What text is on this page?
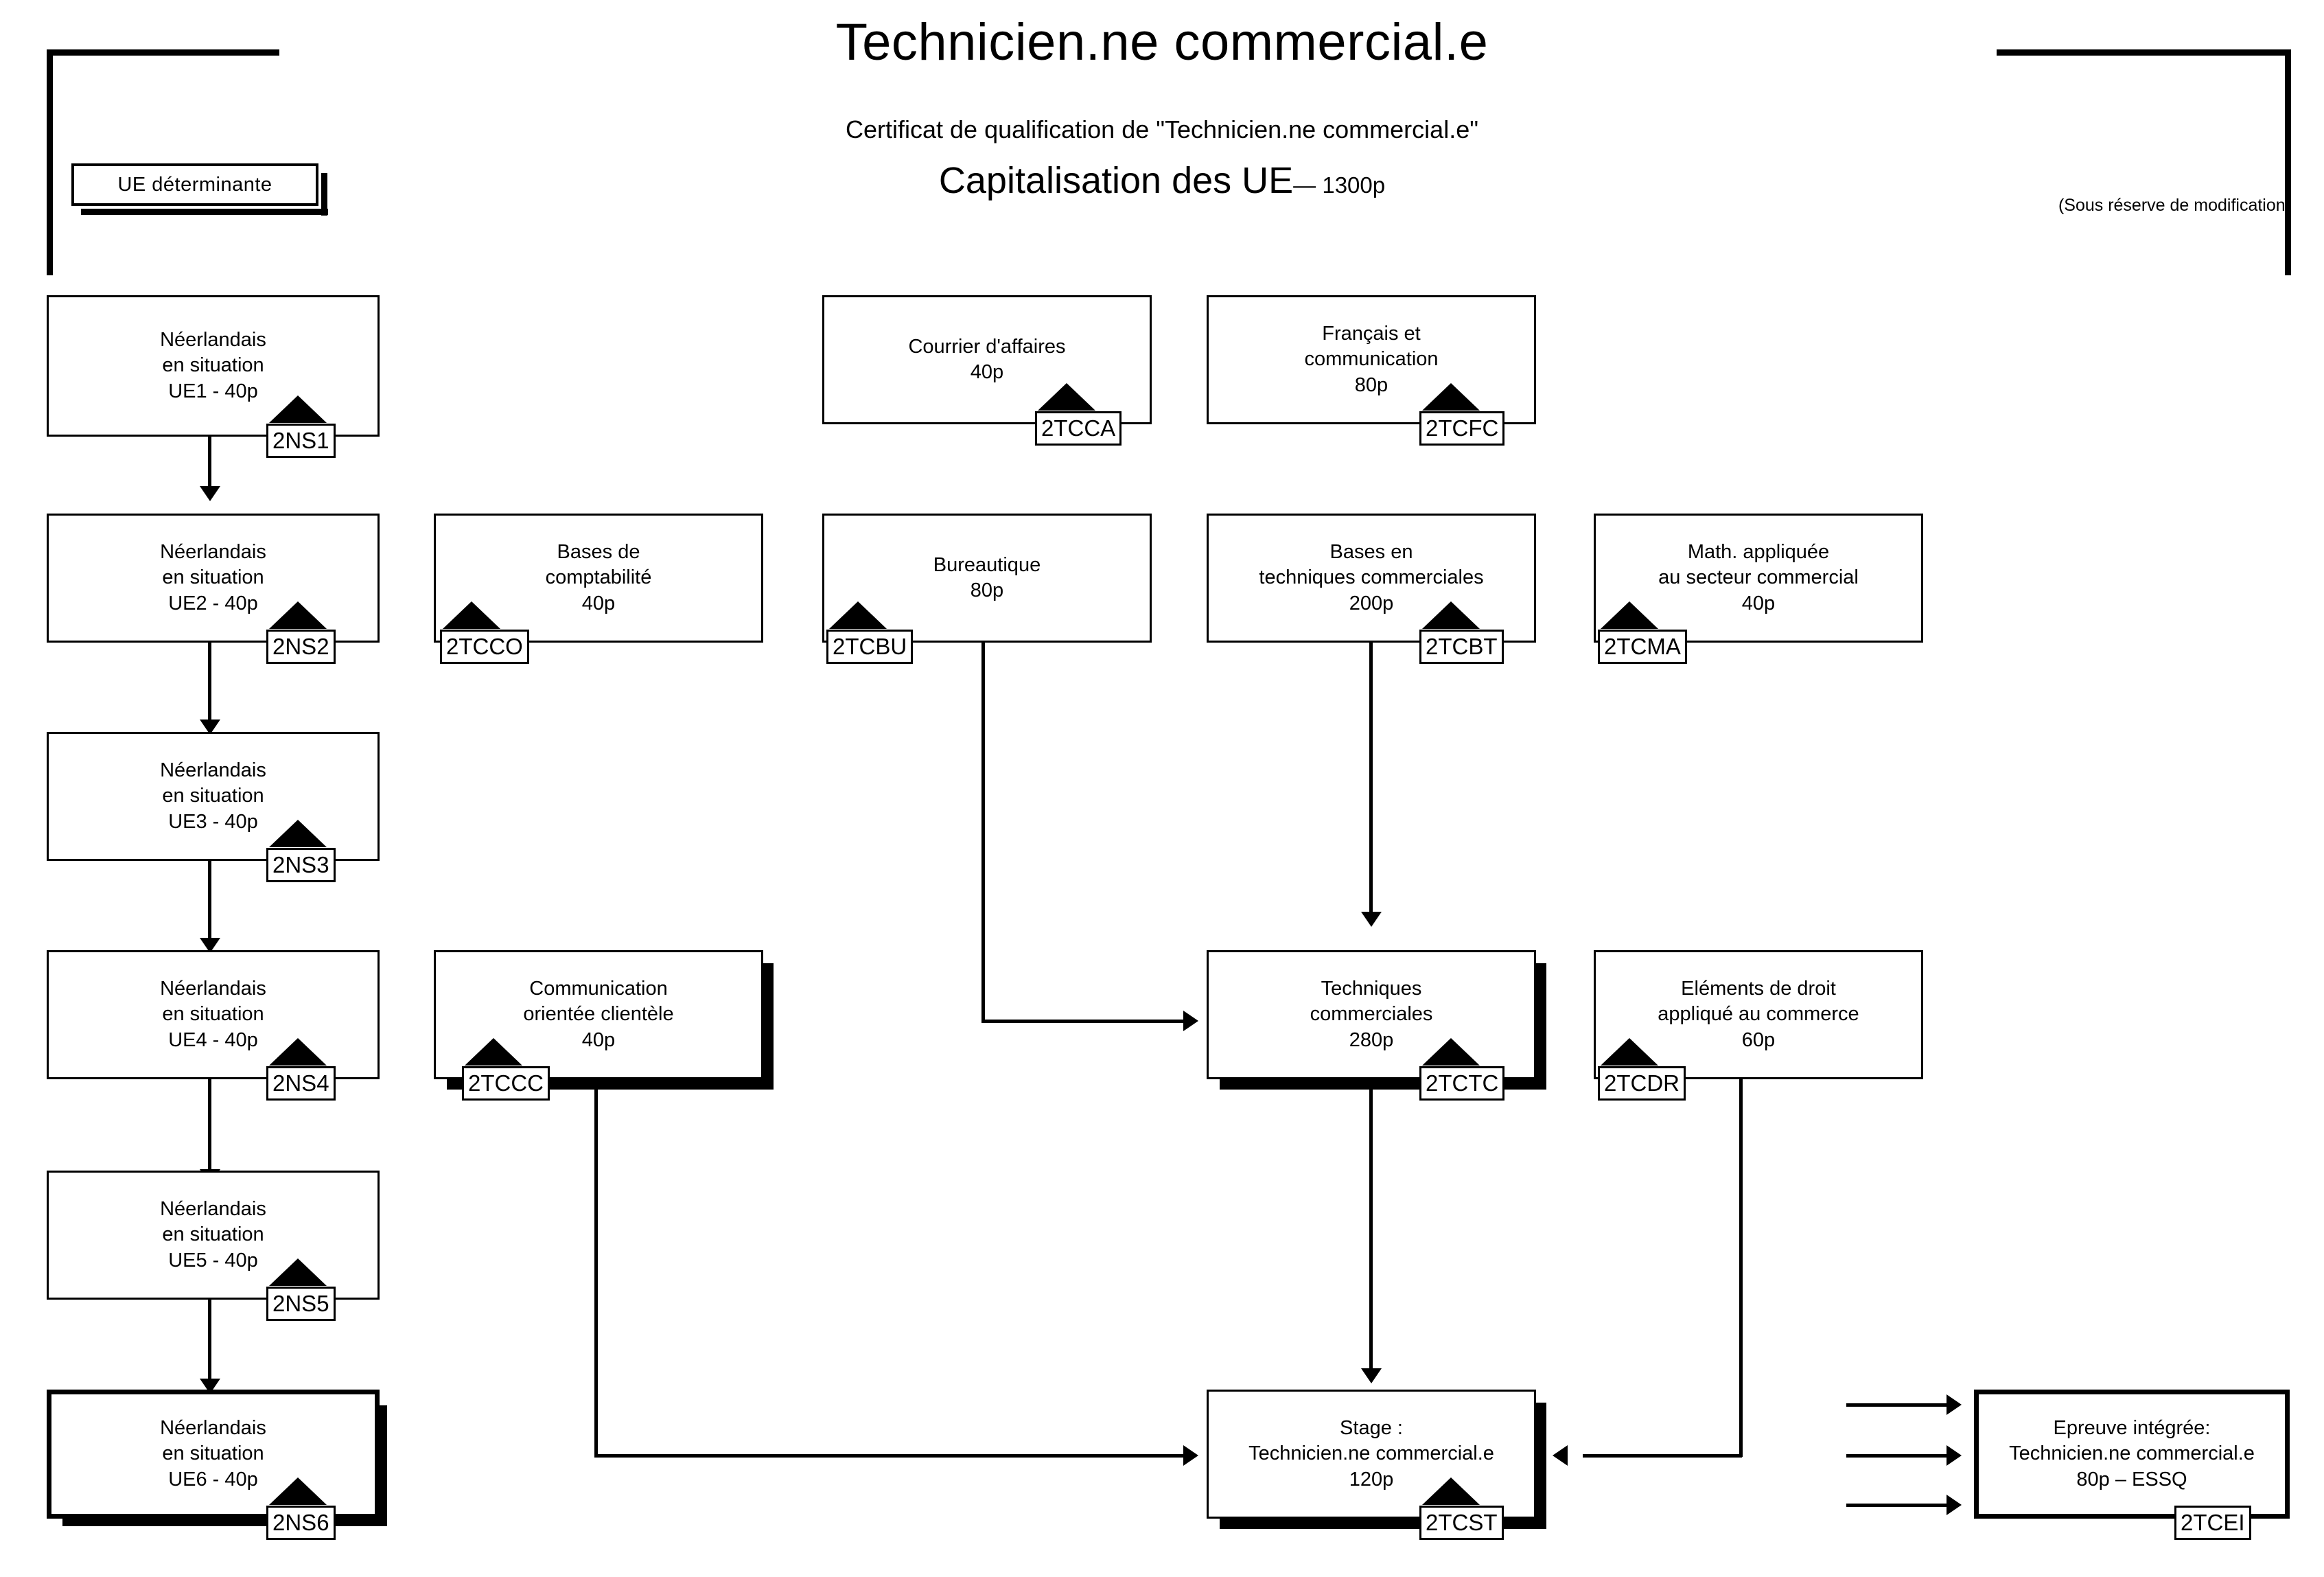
Technicien.ne commercial.e
Certificat de qualification de "Technicien.ne commercial.e"
Capitalisation des UE— 1300p
(Sous réserve de modification)
UE déterminante
Néerlandais
en situation
UE1 - 40p
2NS1
Néerlandais
en situation
UE2 - 40p
2NS2
Néerlandais
en situation
UE3 - 40p
2NS3
Néerlandais
en situation
UE4 - 40p
2NS4
Néerlandais
en situation
UE5 - 40p
2NS5
Néerlandais
en situation
UE6 - 40p
2NS6
Courrier d'affaires
40p
2TCCA
Français et
communication
80p
2TCFC
Bases de
comptabilité
40p
2TCCO
Bureautique
80p
2TCBU
Bases en
techniques commerciales
200p
2TCBT
Math. appliquée
au secteur commercial
40p
2TCMA
Communication
orientée clientèle
40p
2TCCC
Techniques
commerciales
280p
2TCTC
Eléments de droit
appliqué au commerce
60p
2TCDR
Stage :
Technicien.ne commercial.e
120p
2TCST
Epreuve intégrée:
Technicien.ne commercial.e
80p – ESSQ
2TCEI
